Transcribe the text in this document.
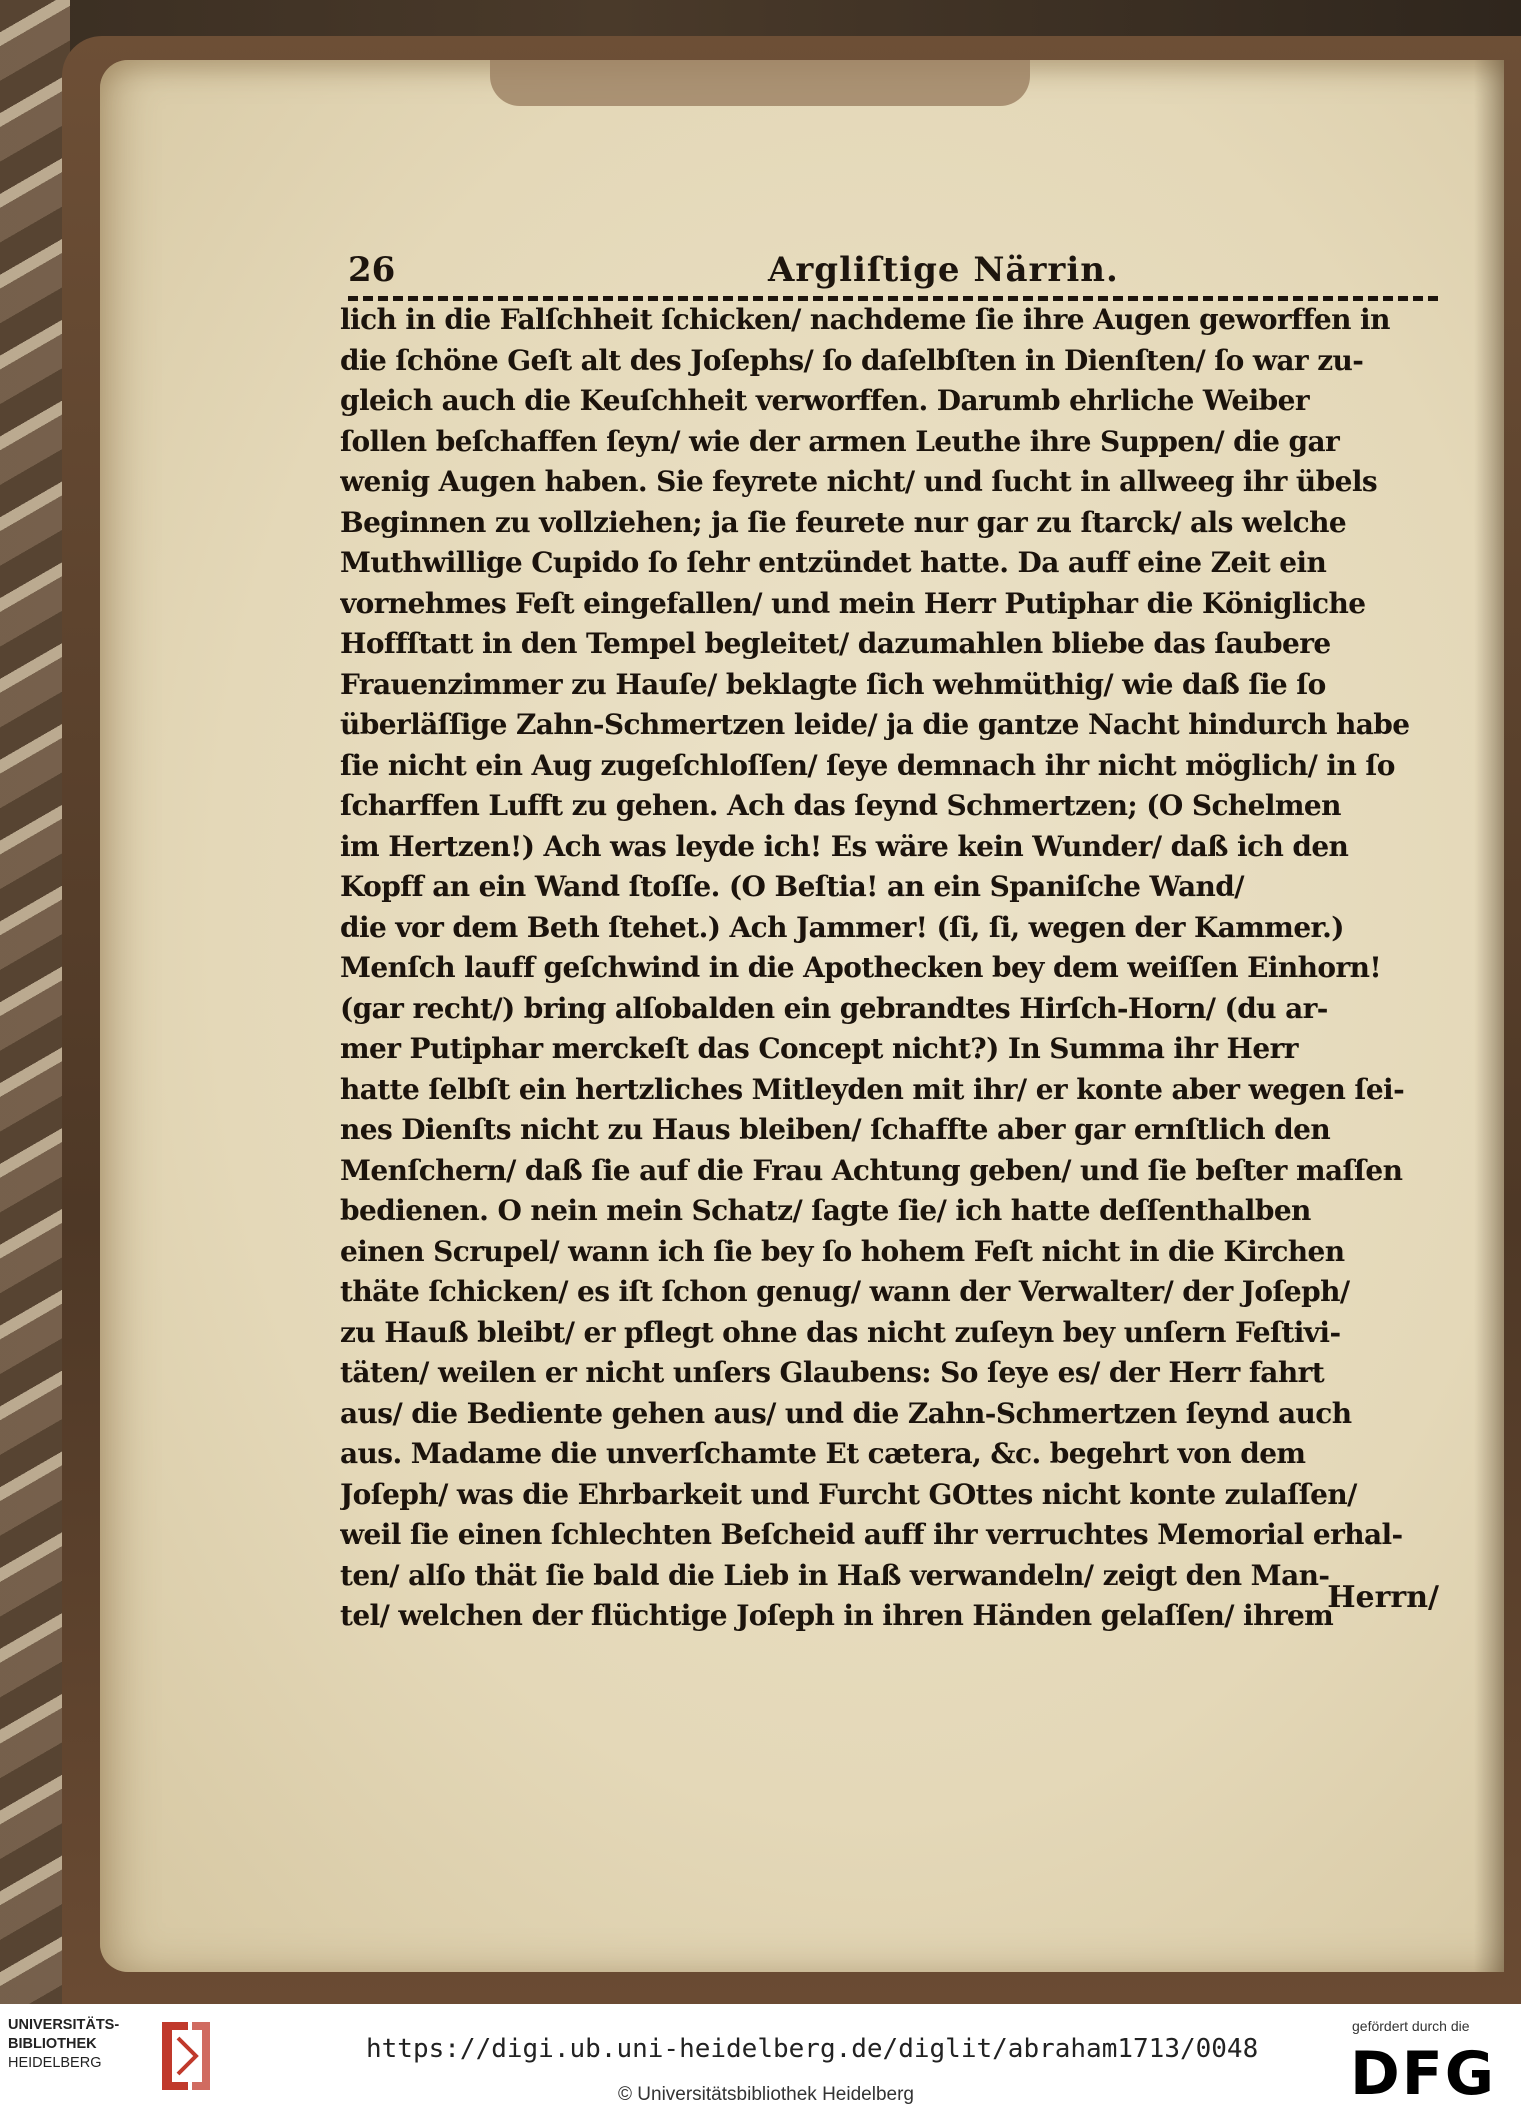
26	Argliſtige Närrin.
lich in die Falſchheit ſchicken/ nachdeme ſie ihre Augen geworffen in
die ſchöne Geſt alt des Joſephs/ ſo daſelbſten in Dienſten/ ſo war zu-
gleich auch die Keuſchheit verworffen. Darumb ehrliche Weiber
ſollen beſchaffen ſeyn/ wie der armen Leuthe ihre Suppen/ die gar
wenig Augen haben. Sie feyrete nicht/ und ſucht in allweeg ihr übels
Beginnen zu vollziehen; ja ſie feurete nur gar zu ſtarck/ als welche
Muthwillige Cupido ſo ſehr entzündet hatte. Da auff eine Zeit ein
vornehmes Feſt eingefallen/ und mein Herr Putiphar die Königliche
Hoffſtatt in den Tempel begleitet/ dazumahlen bliebe das ſaubere
Frauenzimmer zu Hauſe/ beklagte ſich wehmüthig/ wie daß ſie ſo
überläſſige Zahn-Schmertzen leide/ ja die gantze Nacht hindurch habe
ſie nicht ein Aug zugeſchloſſen/ ſeye demnach ihr nicht möglich/ in ſo
ſcharffen Lufft zu gehen. Ach das ſeynd Schmertzen; (O Schelmen
im Hertzen!) Ach was leyde ich! Es wäre kein Wunder/ daß ich den
Kopff an ein Wand ſtoſſe. (O Beſtia! an ein Spaniſche Wand/
die vor dem Beth ſtehet.) Ach Jammer! (ſi, ſi, wegen der Kammer.)
Menſch lauff geſchwind in die Apothecken bey dem weiſſen Einhorn!
(gar recht/) bring alſobalden ein gebrandtes Hirſch-Horn/ (du ar-
mer Putiphar merckeſt das Concept nicht?) In Summa ihr Herr
hatte ſelbſt ein hertzliches Mitleyden mit ihr/ er konte aber wegen ſei-
nes Dienſts nicht zu Haus bleiben/ ſchaffte aber gar ernſtlich den
Menſchern/ daß ſie auf die Frau Achtung geben/ und ſie beſter maſſen
bedienen. O nein mein Schatz/ ſagte ſie/ ich hatte deſſenthalben
einen Scrupel/ wann ich ſie bey ſo hohem Feſt nicht in die Kirchen
thäte ſchicken/ es iſt ſchon genug/ wann der Verwalter/ der Joſeph/
zu Hauß bleibt/ er pflegt ohne das nicht zuſeyn bey unſern Feſtivi-
täten/ weilen er nicht unſers Glaubens: So ſeye es/ der Herr fahrt
aus/ die Bediente gehen aus/ und die Zahn-Schmertzen ſeynd auch
aus. Madame die unverſchamte Et cætera, &c. begehrt von dem
Joſeph/ was die Ehrbarkeit und Furcht GOttes nicht konte zulaſſen/
weil ſie einen ſchlechten Beſcheid auff ihr verruchtes Memorial erhal-
ten/ alſo thät ſie bald die Lieb in Haß verwandeln/ zeigt den Man-
tel/ welchen der flüchtige Joſeph in ihren Händen gelaſſen/ ihrem
Herrn/
UNIVERSITÄTS-
BIBLIOTHEK
HEIDELBERG	https://digi.ub.uni-heidelberg.de/diglit/abraham1713/0048
© Universitätsbibliothek Heidelberg
gefördert durch die
DFG
